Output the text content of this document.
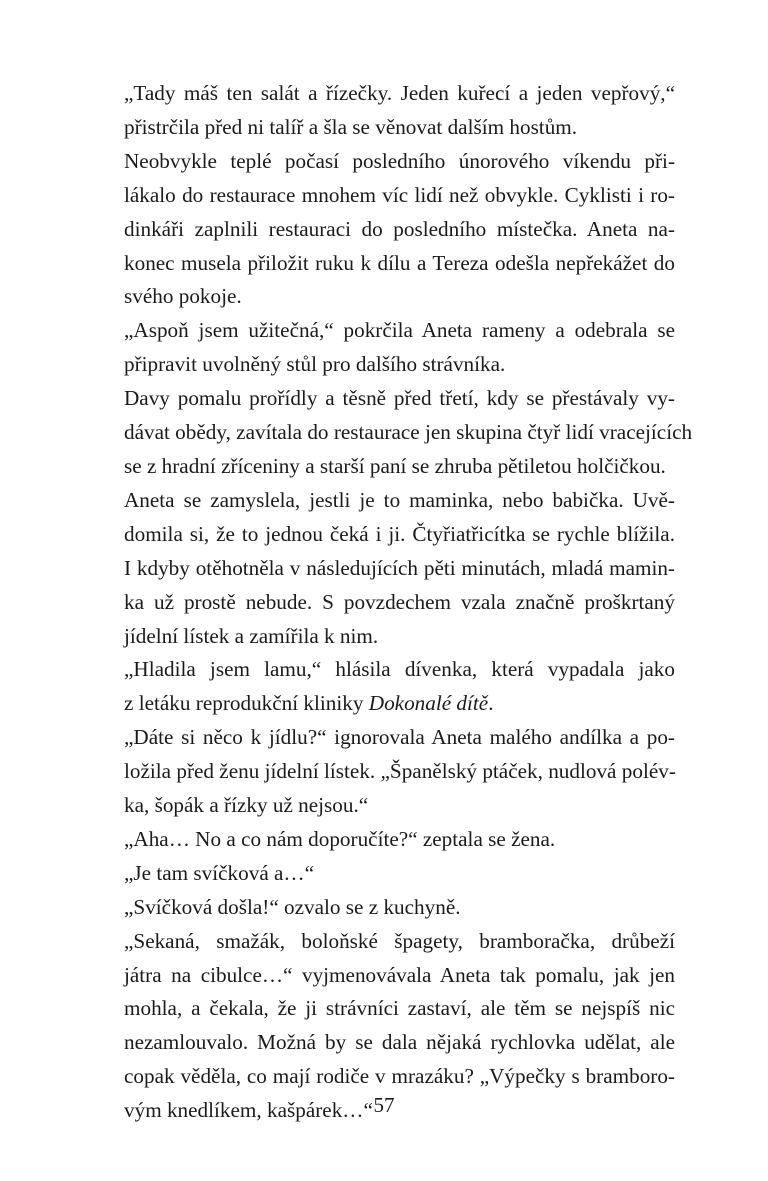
„Tady máš ten salát a řízečky. Jeden kuřecí a jeden vepřový,“
přistrčila před ni talíř a šla se věnovat dalším hostům.
Neobvykle teplé počasí posledního únorového víkendu při-
lákalo do restaurace mnohem víc lidí než obvykle. Cyklisti i ro-
dinkáři zaplnili restauraci do posledního místečka. Aneta na-
konec musela přiložit ruku k dílu a Tereza odešla nepřekážet do
svého pokoje.
„Aspoň jsem užitečná,“ pokrčila Aneta rameny a odebrala se
připravit uvolněný stůl pro dalšího strávníka.
Davy pomalu prořídly a těsně před třetí, kdy se přestávaly vy-
dávat obědy, zavítala do restaurace jen skupina čtyř lidí vracejících
se z hradní zříceniny a starší paní se zhruba pětiletou holčičkou.
Aneta se zamyslela, jestli je to maminka, nebo babička. Uvě-
domila si, že to jednou čeká i ji. Čtyřiatřicítka se rychle blížila.
I kdyby otěhotněla v následujících pěti minutách, mladá mamin-
ka už prostě nebude. S povzdechem vzala značně proškrtaný
jídelní lístek a zamířila k nim.
„Hladila jsem lamu,“ hlásila dívenka, která vypadala jako
z letáku reprodukční kliniky Dokonalé dítě.
„Dáte si něco k jídlu?“ ignorovala Aneta malého andílka a po-
ložila před ženu jídelní lístek. „Španělský ptáček, nudlová polév-
ka, šopák a řízky už nejsou.“
„Aha… No a co nám doporučíte?“ zeptala se žena.
„Je tam svíčková a…“
„Svíčková došla!“ ozvalo se z kuchyně.
„Sekaná, smažák, boloňské špagety, bramboračka, drůbeží
játra na cibulce…“ vyjmenovávala Aneta tak pomalu, jak jen
mohla, a čekala, že ji strávníci zastaví, ale těm se nejspíš nic
nezamlouvalo. Možná by se dala nějaká rychlovka udělat, ale
copak věděla, co mají rodiče v mrazáku? „Výpečky s bramboro-
vým knedlíkem, kašpárek…“ 57
